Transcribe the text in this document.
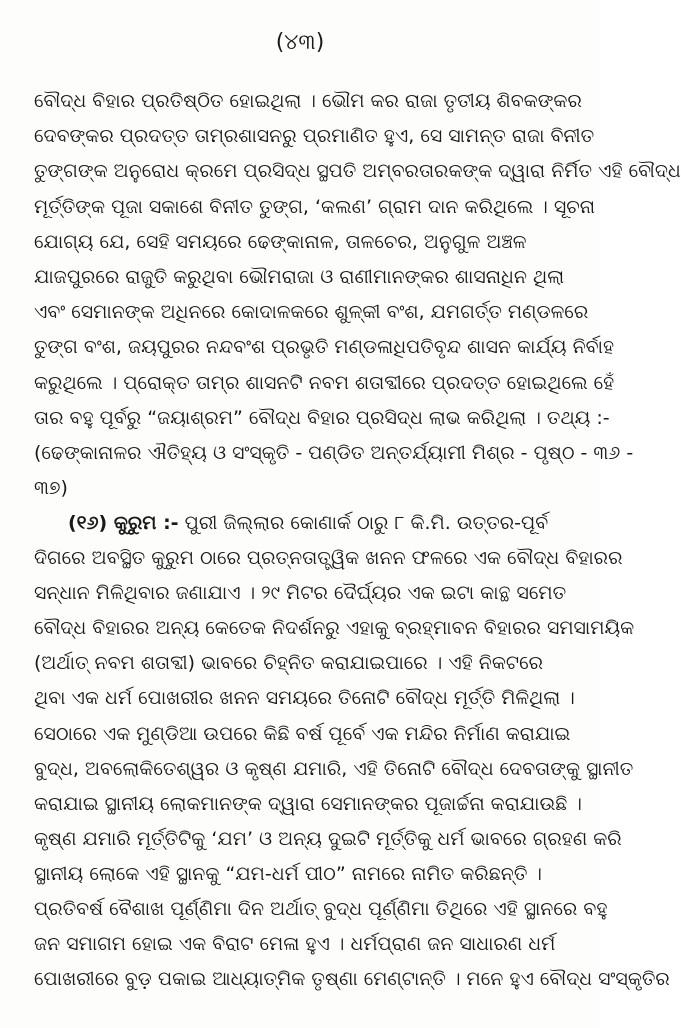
(୪୩)
ବୌଦ୍ଧ ବିହାର ପ୍ରତିଷ୍ଠିତ ହୋଇଥିଲା । ଭୌମ କର ରାଜା ତୃତୀୟ ଶିବକଙ୍କର
ଦେବଙ୍କର ପ୍ରଦତ୍ତ ତାମ୍ରଶାସନରୁ ପ୍ରମାଣିତ ହୁଏ, ସେ ସାମନ୍ତ ରାଜା ବିନୀତ
ତୁଙ୍ଗଙ୍କ ଅନୁରୋଧ କ୍ରମେ ପ୍ରସିଦ୍ଧ ସ୍ଥପତି ଅମ୍ବରତାରକଙ୍କ ଦ୍ୱାରା ନିର୍ମିତ ଏହି ବୌଦ୍ଧ
ମୂର୍ତ୍ତିଙ୍କ ପୂଜା ସକାଶେ ବିନୀତ ତୁଙ୍ଗ, ‘କଲଣ’ ଗ୍ରାମ ଦାନ କରିଥିଲେ । ସୂଚନା
ଯୋଗ୍ୟ ଯେ, ସେହି ସମୟରେ ଢେଙ୍କାନାଳ, ତାଳଚେର, ଅନୁଗୁଳ ଅଞ୍ଚଳ
ଯାଜପୁରରେ ରାଜୁତି କରୁଥିବା ଭୌମରାଜା ଓ ରାଣୀମାନଙ୍କର ଶାସନାଧିନ ଥିଲା
ଏବଂ ସେମାନଙ୍କ ଅଧିନରେ କୋଦାଳକରେ ଶୁଳ୍କୀ ବଂଶ, ଯମଗର୍ତ୍ତ ମଣ୍ଡଳରେ
ତୁଙ୍ଗ ବଂଶ, ଜୟପୁରର ନନ୍ଦବଂଶ ପ୍ରଭୃତି ମଣ୍ଡଳାଧିପତିବୃନ୍ଦ ଶାସନ କାର୍ଯ୍ୟ ନିର୍ବାହ
କରୁଥିଲେ । ପ୍ରୋକ୍ତ ତାମ୍ର ଶାସନଟି ନବମ ଶତାବ୍ଦୀରେ ପ୍ରଦତ୍ତ ହୋଇଥିଲେ ହେଁ
ତାର ବହୁ ପୂର୍ବରୁ “ଜୟାଶ୍ରମ” ବୌଦ୍ଧ ବିହାର ପ୍ରସିଦ୍ଧ ଲାଭ କରିଥିଲା । ତଥ୍ୟ :-
(ଢେଙ୍କାନାଳର ଐତିହ୍ୟ ଓ ସଂସ୍କୃତି - ପଣ୍ଡିତ ଅନ୍ତର୍ଯ୍ୟାମୀ ମିଶ୍ର - ପୃଷ୍ଠ - ୩୬ -
୩୭)
(୧୬) କୁରୁମ :- ପୁରୀ ଜିଲ୍ଲାର କୋଣାର୍କ ଠାରୁ ୮ କି.ମି. ଉତ୍ତର-ପୂର୍ବ
ଦିଗରେ ଅବସ୍ଥିତ କୁରୁମ ଠାରେ ପ୍ରତ୍ନତାତ୍ତ୍ୱିକ ଖନନ ଫଳରେ ଏକ ବୌଦ୍ଧ ବିହାରର
ସନ୍ଧାନ ମିଳିଥିବାର ଜଣାଯାଏ । ୨୯ ମିଟର ଦୈର୍ଘ୍ୟର ଏକ ଇଟା କାନ୍ଥ ସମେତ
ବୌଦ୍ଧ ବିହାରର ଅନ୍ୟ କେତେକ ନିଦର୍ଶନରୁ ଏହାକୁ ବ୍ରହ୍ମାବନ ବିହାରର ସମସାମୟିକ
(ଅର୍ଥାତ୍ ନବମ ଶତାବ୍ଦୀ) ଭାବରେ ଚିହ୍ନିତ କରାଯାଇପାରେ । ଏହି ନିକଟରେ
ଥିବା ଏକ ଧର୍ମ ପୋଖରୀର ଖନନ ସମୟରେ ତିନୋଟି ବୌଦ୍ଧ ମୂର୍ତ୍ତି ମିଳିଥିଲା ।
ସେଠାରେ ଏକ ମୁଣ୍ଡିଆ ଉପରେ କିଛି ବର୍ଷ ପୂର୍ବେ ଏକ ମନ୍ଦିର ନିର୍ମାଣ କରାଯାଇ
ବୁଦ୍ଧ, ଅବଲୋକିତେଶ୍ୱର ଓ କୃଷ୍ଣ ଯମାରି, ଏହି ତିନୋଟି ବୌଦ୍ଧ ଦେବତାଙ୍କୁ ସ୍ଥାନୀତ
କରାଯାଇ ସ୍ଥାନୀୟ ଲୋକମାନଙ୍କ ଦ୍ୱାରା ସେମାନଙ୍କର ପୂଜାର୍ଚ୍ଚନା କରାଯାଉଛି ।
କୃଷ୍ଣ ଯମାରି ମୂର୍ତ୍ତିଟିକୁ ‘ଯମ’ ଓ ଅନ୍ୟ ଦୁଇଟି ମୂର୍ତ୍ତିକୁ ଧର୍ମ ଭାବରେ ଗ୍ରହଣ କରି
ସ୍ଥାନୀୟ ଲୋକେ ଏହି ସ୍ଥାନକୁ “ଯମ-ଧର୍ମ ପୀଠ” ନାମରେ ନାମିତ କରିଛନ୍ତି ।
ପ୍ରତିବର୍ଷ ବୈଶାଖ ପୂର୍ଣ୍ଣିମା ଦିନ ଅର୍ଥାତ୍ ବୁଦ୍ଧ ପୂର୍ଣ୍ଣିମା ତିଥିରେ ଏହି ସ୍ଥାନରେ ବହୁ
ଜନ ସମାଗମ ହୋଇ ଏକ ବିରାଟ ମେଳା ହୁଏ । ଧର୍ମପ୍ରାଣ ଜନ ସାଧାରଣ ଧର୍ମ
ପୋଖରୀରେ ବୁଡ଼ ପକାଇ ଆଧ୍ୟାତ୍ମିକ ତୃଷ୍ଣା ମେଣ୍ଟାନ୍ତି । ମନେ ହୁଏ ବୌଦ୍ଧ ସଂସ୍କୃତିର
